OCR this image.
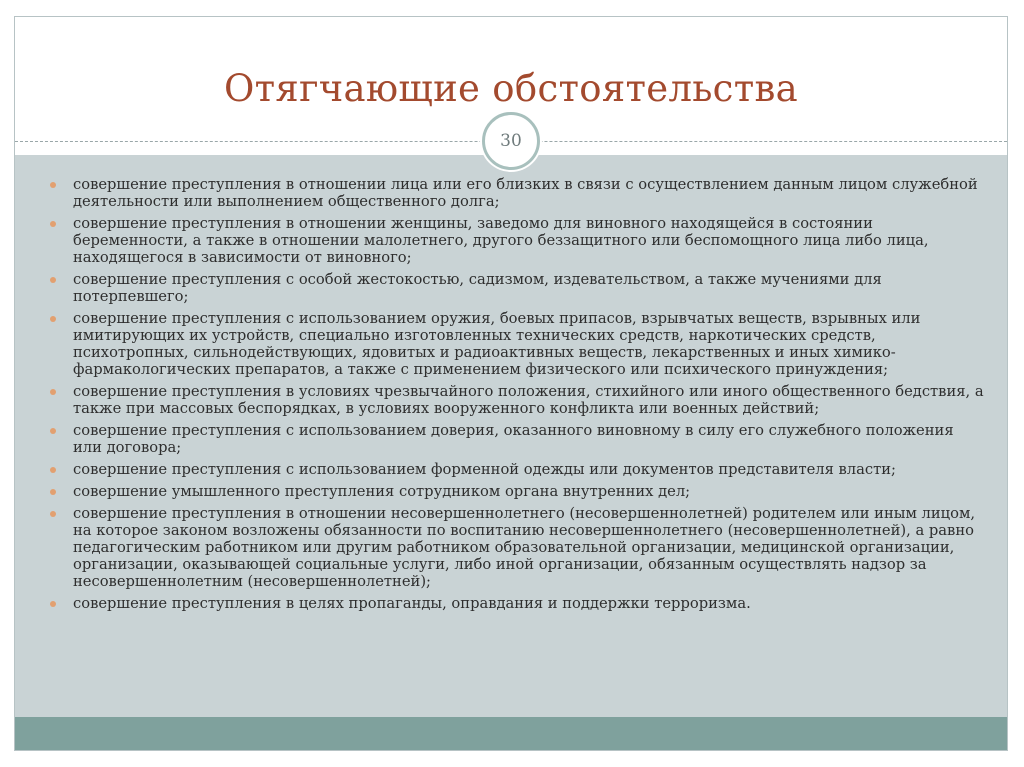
Отягчающие обстоятельства
30
совершение преступления в отношении лица или его близких в связи с осуществлением данным лицом служебной деятельности или выполнением общественного долга;
совершение преступления в отношении женщины, заведомо для виновного находящейся в состоянии беременности, а также в отношении малолетнего, другого беззащитного или беспомощного лица либо лица, находящегося в зависимости от виновного;
совершение преступления с особой жестокостью, садизмом, издевательством, а также мучениями для потерпевшего;
совершение преступления с использованием оружия, боевых припасов, взрывчатых веществ, взрывных или имитирующих их устройств, специально изготовленных технических средств, наркотических средств, психотропных, сильнодействующих, ядовитых и радиоактивных веществ, лекарственных и иных химико-фармакологических препаратов, а также с применением физического или психического принуждения;
совершение преступления в условиях чрезвычайного положения, стихийного или иного общественного бедствия, а также при массовых беспорядках, в условиях вооруженного конфликта или военных действий;
совершение преступления с использованием доверия, оказанного виновному в силу его служебного положения или договора;
совершение преступления с использованием форменной одежды или документов представителя власти;
совершение умышленного преступления сотрудником органа внутренних дел;
совершение преступления в отношении несовершеннолетнего (несовершеннолетней) родителем или иным лицом, на которое законом возложены обязанности по воспитанию несовершеннолетнего (несовершеннолетней), а равно педагогическим работником или другим работником образовательной организации, медицинской организации, организации, оказывающей социальные услуги, либо иной организации, обязанным осуществлять надзор за несовершеннолетним (несовершеннолетней);
совершение преступления в целях пропаганды, оправдания и поддержки терроризма.
